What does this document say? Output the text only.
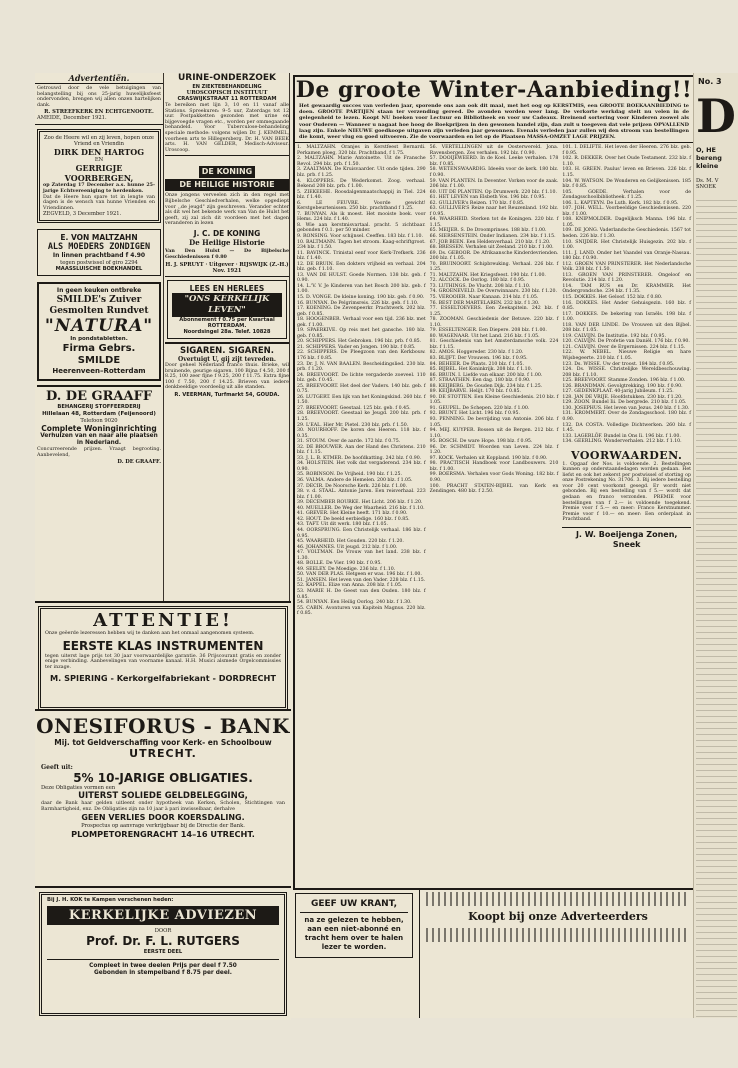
Advertentiën.

Getrouwd door de vele betuigingen van belangstelling bij ons 25-jarig huwelijksfeest ondervonden, brengen wij allen onzen hartelijken dank.

R. STREEFKERK EN ECHTGENOOTE.

AMEIDE, December 1921.

Zoo de Heere wil en zij leven, hopen onze Vriend en Vriendin

DIRK DEN HARTOG

EN

GERRIGJE VOORBERGEN,

op Zaterdag 17 December a.s. hunne 25-jarige Echtvereeniging te herdenken.

Dat de Heere hun spare tot in lengte van dagen is de wensch van hunne Vrienden en Vriendinnen.

ZEGVELD, 3 December 1921.

E. VON MALTZAHN

ALS MOEDERS ZONDIGEN

In linnen prachtband f 4.90

tegen postwissel of giro 2294

MAASSLUISCHE BOEKHANDEL

In geen keuken ontbreke

SMILDE's Zuiver Gesmolten Rundvet

"NATURA"

In pondstabletten.

Firma Gebrs. SMILDE

Heerenveen–Rotterdam

D. DE GRAAFF

BEHANGERIJ STOFFEERDERIJ

Hillelaan 48, Rotterdam (Feijenoord)

Telefoon 9020

Complete Woninginrichting

Verhuizen van en naar alle plaatsen in Nederland.

Concurreerende prijzen. Vraagt begrooting. Aanbevelend,

D. DE GRAAFF.

URINE-ONDERZOEK

EN ZIEKTEBEHANDELING

UROSCOPISCH INSTITUUT

CRASWIJKSTRAAT 11 ROTTERDAM

Te bereiken met lijn 3, 10 en 11 vanaf alle Stations. Spreekuren: 9–5 uur, Zaterdags tot 12 uur. Postpakketten gezonden met urine en bijgevoegde vragen etc., worden per ommegaande behandeld. Voor Tuberculose-behandeling speciale methode: volgens wijlen Dr. J. KEMMEL, voorheen arts te Hillegersberg. Dr. H. VAN BEEK arts. H. VAN GELDER, Medisch-Adviseur. Uroscoop.

DE KONING

DE HEILIGE HISTORIE

Onze jongens verveelen zich in den regel met Bijbelsche Geschiedverhalen, welke opgediept voor ,,de jeugd" zijn geschreven. Verander echter als dit wel het bekende werk van Van de Hulst het geeft, zij zal zich dit voordeen met het dagen veranderen in lezen

J. C. DE KONING

De Heilige Historie

Van Den Hulst — De Bijbelsche Geschiedenissen f 0.80

H. J. SPRUYT · Uitgever · RIJSWIJK (Z.-H.) Nov. 1921

LEES EN HERLEES

"ONS KERKELIJK LEVEN"

Abonnement f 0.75 per Kwartaal

ROTTERDAM.

Noordsingel 28a. Telef. 10828

SIGAREN. SIGAREN.

Overtuigt U, gij zijt tevreden.

Door geheel Nederland franco thuis. Brieke, wil bruinende, geurige sigaren. 100 Bijna f 4.50, 200 f 8.25, 100 zeer fijne f 9.25, 200 f 11.75. Extra fijne 100 f 7.50, 200 f 14.25. Brieven van iedere denkbeeldige voordeelig uit alle standen.

R. VEERMAN, Turfmarkt 54, GOUDA.

ATTENTIE!

Onze geëerde lezeressen hebben wij te danken aan het onmaal aangenomen systeem.

EERSTE KLAS INSTRUMENTEN

tegen uiterst lage prijs tot 30 jaar voorwaardelijke garantie. 36 Prijscourant gratis en zonder enige verbinding. Aanbevelingen van voorname kanaal. H.H. Musici alsmede Orgelcommissies ter inzage.

M. SPIERING - Kerkorgelfabriekant - DORDRECHT

ONESIFORUS - BANK

Mij. tot Geldverschaffing voor Kerk- en Schoolbouw

UTRECHT.

Geeft uit:

5% 10-JARIGE OBLIGATIES.

Deze Obligaties vormen een

UITERST SOLIEDE GELDBELEGGING,

daar de Bank haar gelden uitleent onder hypotheek van Kerken, Scholen, Stichtingen van Barmhartigheid, enz. De Obligaties zijn na 10 jaar à pari inwisselbaar, derhalve

GEEN VERLIES DOOR KOERSDALING.

Prospectus op aanvrage verkrijgbaar bij de Directie der Bank.

PLOMPETORENGRACHT 14–16 UTRECHT.

Bij J. H. KOK te Kampen verschenen heden:

KERKELIJKE ADVIEZEN

DOOR

Prof. Dr. F. L. RUTGERS

EERSTE DEEL

Compleet in twee deelen Prijs per deel f 7.50

Gebonden in stempelband f 8.75 per deel.

De groote Winter-Aanbieding!!

Het gewaardig succes van verleden jaar, sporende ons aan ook dit maal, met het oog op KERSTMIS, een GROOTE BOEKAANBIEDING te doen. GROOTE PARTIJEN staan ter verzending gereed. De avonden worden weer lang. De verkorte werkdag stelt nu velen in de gelegenheid te lezen. Koopt NU boeken voor Lectuur en Bibliotheek en voor uw Cadeaux. Breinend sortering voor Kinderen zoowel als voor Ouderen — Wanneer u nagaat hoe hoog de Boekprijzen in den gewonen handel zijn, dan zult u toegeven dat vele prijzen OPVALLEND laag zijn. Enkele NIEUWE goedkoope uitgaven zijn verleden jaar gewonnen. Evenals verleden jaar zullen wij den stroom van bestellingen die komt, weer vlug en goed uitvoeren. Zie de voorwaarden en let op de Plaatsen MASSA-OMZET LAGE PRIJZEN.

1. MALTZAHN. Oranjes in Kerstfeest Bernardi. Perkamen ploeg, 320 blz. Prachtband, f 1.75.

2. MALTZAHN. Marie Antoinette. Uit de Fransche Revol. 294 blz. prb. f 1.50.

3. ZAALTMAN. De Kruisvaarder. Uit onde tijden. 290 blz. prb. f 1.25.

4. KLOPPERS. De Wederkomst. Zoog. verhaal. Bekend 208 blz. prb. f 1.00.

5. ZIEKEEHE. Roosdalgenmaatschappij in Tiel. 224 blz. f 1.40.

6. LE FEUVRE. Voorde gewicht! Kerstgebeurtenissen. 250 blz. prachtband f 1.25.

7. BUNYAN. Als ik moest. Het mooiste boek. voor Hems. 224 blz. f 1.40.

8. Wie aan kerstmisvartaal. pracht. 5 zichtbaar. gebonden f 0.1. per 50 minder.

9. RONSING. Voor schijnsel. Ceeffen. 183 blz. f 1.10.

10. BALTMANN. Tagen het stroom. Kaag-schriftgroot. 234 blz. f 1.50.

11. BAVINCK. Trinistal eenf voor Kerk-Trefkerk. 236 blz. f 1.40.

12. DE BRUIN. Een dokters vrijheid en verhaal. 204 blz. geb. f 1.10.

13. VAN DE HULST. Goede Normen. 138 blz. geb. f 0.90.

14. L.'V. V. Je Kinderen van het Bosch 200 blz. geb. f 1.00.

15. D. VONGE. De kleine koning. 190 blz. geb. f 0.90.

16. BUNYAN. De Pelgrimsreis. 226 blz. geb. f 1.10.

17. KOENING. De Zevenpeerkr. Prachtwerk. 202 blz. geb. f 0.85.

18. HOOGENBER. Verhaal voor een tijd. 236 blz. met gek. f 1.00.

19. SPAERKIVE. Op reis met het gansche. 180 blz. geb. f 0.85.

20. SCHIPPERS. Het Gebroken. 196 blz. prb. f 0.85.

21. SCHIPPERS. Vader en Jongen. 190 blz. f 0.85.

22. SCHIPPERS. De Pleegzoon van den Kerkbouw. 176 blz. f 0.85.

23. Dr. J. N. VAN BAALEN. Bescheidingslied. 230 blz. prb. f 1.20.

24. BREEVOORT. De lichte vergaderde zoeveel. 110 blz. geb. f 0.45.

25. BREEVOORT. Het deel der Vaders. 140 blz. geb. f 0.75.

26. LUTGERT. Een lijk van het Koningskind. 260 blz. f 1.50.

27. BREEVOORT. Geestaal. 125 blz. geb. f 0.45.

28. BREEVOORT. Geestaal ke Jeugd. 200 blz. prb. f 1.25.

29. L'EAL. Hier Mr. Pietel. 230 blz. prb. f 1.50.

30. NOURHOFF. De koren des Heeren. 118 blz. f 0.35.

31. STOUM. Over de aarde. 172 blz. f 0.75.

32. DE BROUWER. Aan der Hand des Christens. 210 blz. f 1.15.

33. J. L. B. KTMER. De hoofdkatting. 242 blz. f 0.90.

34. HOLSTEIN. Het volk dat vergaderend. 234 blz. f 0.90.

35. ROBINSON. De Vrijheid. 190 blz. f 1.25.

36. VALMA. Andere de Hemelen. 200 blz. f 1.05.

37. DECIR. De Noorsche Kerk. 226 blz. f 1.00.

38. v. d. STAAL. Antonie Jaren. Een reisverhaal. 223 blz. f 1.00.

39. DECEMBER ROURKE. Het Licht. 206 blz. f 1.20.

40. MUELLER. De Weg der Waarheid. 216 blz. f 1.10.

41. GREVER. Het Kleine heeft. 171 blz. f 0.90.

42. HOUT. De beeld eerbiedige. 160 blz. f 0.85.

43. TAFT. Uit dit werk. 180 blz. f 1.05.

44. OORSPRUNG. Een Christelijk verhaal. 186 blz. f 0.95.

45. WAARHEID. Het Gouden. 220 blz. f 1.20.

46. JOHANNES. Uit jeugd. 212 blz. f 1.00.

47. VOLTMAN. De Vrouw van het land. 238 blz. f 1.30.

48. BOLLE. De Vier. 190 blz. f 0.95.

49. SEELEY. De Moedige. 236 blz. f 1.10.

50. VAN DER PLAS. Hetgeen er was. 196 blz. f 1.00.

51. JANSEN. Het leven van den Vader. 228 blz. f 1.15.

52. KAPPEL. Elize van Anna. 208 blz. f 1.05.

53. MARIE H. De Geest van den Ouden. 180 blz. f 0.85.

54. BUNYAN. Een Heilig Oorlog. 240 blz. f 1.30.

55. CABIN. Avonturen van Kapitein Magnus. 220 blz. f 0.85.

56. VERTELLINGEN uit de Oosterwereld. Jona. Ravensbergen. Zes verhalen. 192 blz. f 0.90.

57. DOOIJEWEERD. In de Koel. Leeke verhalen. 178 blz. f 0.85.

58. WETENSWAARDIG. Ideeën voor de kerk. 180 blz. f 0.90.

59. VAN PLANTEN. In Deventer. Vorken voor de zaak. 206 blz. f 1.00.

60. UIT DE PLANTEN. Op Drumwerk. 220 blz. f 1.10.

61. HET LEVEN van Elsbeth Vos. 196 blz. f 0.95.

62. GULLIVER's Reizen. 170 blz. f 0.85.

63. GULLIVER'S Reize naar het Reuzenland. 192 blz. f 0.95.

64. WAARHEID. Sterken tot de Koningen. 220 blz. f 1.15.

65. MEIJER. S. De Droomprinses. 188 blz. f 1.00.

66. SIERSENSTEIN. Onder Indianen. 234 blz. f 1.15.

67. JOB BEEN. Een Heldenverhaal. 210 blz. f 1.20.

68. BRESSEN. Verhalen uit Zeeland. 210 blz. f 1.00.

69. Ds. GEBOOR. De Afrikaansche Kinderdevrienden. 200 blz. f 1.05.

70. BRUINOORT. Schipbreuking. Verhaal. 226 blz. f 1.25.

71. MALTZAHN. Het Kriegsfeest. 190 blz. f 1.00.

72. ALCOCK. De Oorlog. 180 blz. f 0.95.

73. LUTHINGS. De Vlucht. 208 blz. f 1.10.

74. GROENEVELD. De Overwinnaars. 230 blz. f 1.20.

75. VEROOIER. Naar Kanaan. 214 blz. f 1.05.

76. BEST DER MARTELAREN. 232 blz. f 1.30.

77. ESSELTOEVERS. Een Zeekapitein. 242 blz. f 1.25.

78. ZOOMAN. Geschiedenis der Betuwe. 220 blz. f 1.10.

79. ESSELTENGER. Een Diepere. 208 blz. f 1.00.

80. WAGENAAR. Uit het Land. 216 blz. f 1.05.

81. Geschiedenis van het Amsterdamsche volk. 224 blz. f 1.15.

82. AMOS. Hoggereder. 230 blz. f 1.20.

83. BLIJFT. Der Vrouwen. 196 blz. f 0.95.

84. BEHEER. De Plaats. 210 blz. f 1.05.

85. BIJBEL. Het Koninkrijk. 208 blz. f 1.10.

86. BRUIN. I. Liefde van elkaar. 200 blz. f 1.00.

87. STRAATHEN. Een dag. 180 blz. f 0.90.

88. KEIJBERG. De Gouden Dijk. 234 blz. f 1.25.

89. KEIJBARVE. Helijt. 170 blz. f 0.85.

90. DE STOTTEN. Een Kleine Geschiedenis. 210 blz. f 1.05.

91. GEUPEL. De Schepen. 220 blz. f 1.00.

92. BRUNT. Het Licht. 196 blz. f 0.95.

93. PENNING. De bevrijding van Antonie. 206 blz. f 1.05.

94. MEJ. KUYPER. Bossen uit de Bergen. 212 blz. f 1.10.

95. BOSCH. De ware Hope. 198 blz. f 0.95.

96. Dr. SCHMIDT. Woorden van Leven. 224 blz. f 1.20.

97. KOCK. Verhalen uit Koppland. 190 blz. f 0.90.

98. PRACTISCH Handboek voor Landbouwers. 210 blz. f 1.00.

99. BOERSMA. Verhalen voor Gods Woning. 182 blz. f 0.90.

100. PRACHT STATEN-BIJBEL van Kerk en Zendingen. 480 blz. f 2.50.

101. I. DELIFTE. Het leven der Heeren. 276 blz. geb. f 0.95.

102. R. DEKKER. Over het Oude Testament. 232 blz. f 1.10.

103. H. GREEN. Paulus' leven en Brieven. 226 blz. f 1.15.

104. W. WATSON. De Wonderen en Gelijkenissen. 185 blz. f 0.85.

105. GOEDE. Verhalen voor de Zondagsschoolbibliotheek. f 1.25.

106. L. KAPTEYN. De Luth. Kerk. 182 blz. f 0.95.

107. JOH. WELL. Voorbeeldige Geschiedenissen. 220 blz. f 1.00.

108. KNIPMOLDER. Dagelijksch Manna. 196 blz. f 1.05.

109. DE JONG. Vaderlandsche Geschiedenis. 1567 tot heden. 226 blz. f 1.30.

110. SNIJDER. Het Christelijk Huisgezin. 202 blz. f 1.00.

111. J. LAND. Onder het Vaandel van Oranje-Nassau. 180 blz. f 0.90.

112. GROEN VAN PRINSTERER. Het Nederlandsche Volk. 238 blz. f 1.50.

113. GROEN VAN PRINSTERER. Ongeloof en Revolutie. 214 blz. f 1.20.

114. TAM RUS en Dr. KRAMMER. Het Ondergrondsche. 234 blz. f 1.35.

115. DOKKES. Het Geloof. 152 blz. f 0.80.

116. DOKKES. Het Ander Gehuisgezin. 160 blz. f 0.85.

117. DOKKES. De bekering van Israëls. 198 blz. f 1.00.

118. VAN DER LINDE. De Vrouwen uit den Bijbel. 208 blz. f 1.05.

119. CALVIJN. De Institutie. 192 blz. f 0.95.

120. CALVIJN. De Profetie van Daniël. 176 blz. f 0.90.

121. CALVIJN. Over de Ergernissen. 224 blz. f 1.15.

122. W. NEBEL. Nieuwe Religie en hare Wijsbegeerte. 210 blz. f 1.05.

123. Ds. WISSE. Uw der troost. 184 blz. f 0.95.

124. Ds. WISSE. Christelijke Wereldbeschouwing. 208 blz. f 1.10.

125. BREEVOORT. Stamme Zonden. 196 blz. f 1.00.

126. BRANDMAN. Gevolgtrekking. 190 blz. f 0.90.

127. GEDENKPLAAT. 40-jarig Jubileum. f 1.25.

128. JAN DE VRIJE. Hoofdstukken. 230 blz. f 1.20.

129. ZOON. Bundel Iii. De bergrede. 210 blz. f 1.05.

130. JOSEPHUS. Het leven van Jezus. 240 blz. f 1.30.

131. KROMMERT. Over de Zondagsschool. 180 blz. f 0.90.

132. DA COSTA. Volledige Dichtwerken. 260 blz. f 1.45.

133. LAGERLÖF. Bundel in Ons Ii. 196 blz. f 1.00.

134. GEERLING. Wonderverhalen. 212 blz. f 1.10.

VOORWAARDEN.

1. Opgaaf der Nos. is voldoende. 2. Bestellingen kunnen op onderstaandedagen worden gedaan. Het liefst en ook het zekerst per postwissel of storting op onze Postrekening No. 31706. 3. Bij iedere bestelling voor 20 cent voorkomt gesegd. Er wordt niet gebonden. Bij een bestelling van f 5.— wordt dat gedaan en franco verzonden. PREMIE voor bestellingen van f 2.— is voldoende toegekend. Premie voor f 5.— en meer: Franco Kerstnummer. Premie voor f 10.— en meer: Een orderplaat in Prachtband.

J. W. Boeijenga Zonen, Sneek

Koopt bij onze Adverteerders

GEEF UW KRANT,

na ze gelezen te hebben, aan een niet-abonné en tracht hem over te halen lezer te worden.

No. 3

D

O, HE

bereng

kleine

Ds. M. V

SNOEK
